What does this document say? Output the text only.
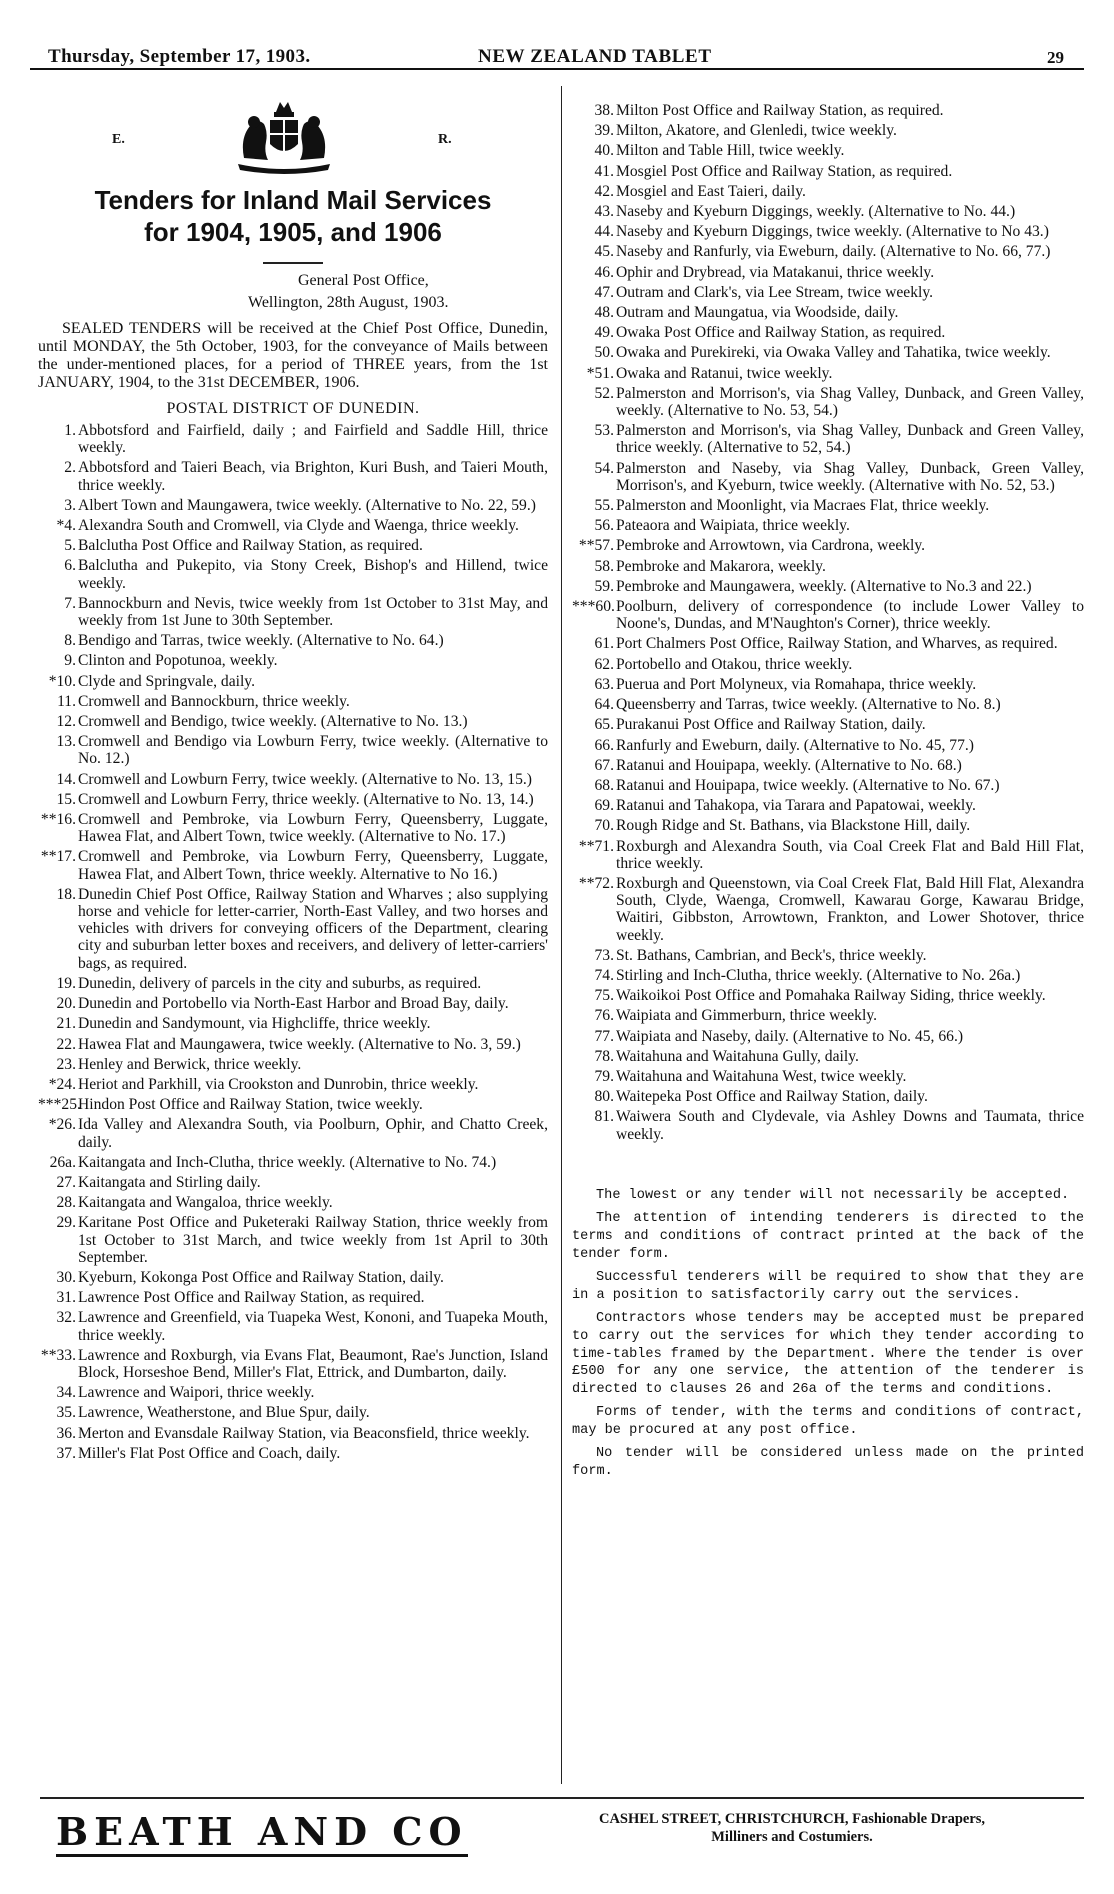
Thursday, September 17, 1903.	NEW ZEALAND TABLET	29
E.	R.
Tenders for Inland Mail Services
for 1904, 1905, and 1906
General Post Office,
Wellington, 28th August, 1903.

SEALED TENDERS will be received at the Chief Post Office, Dunedin, until MONDAY, the 5th October, 1903, for the conveyance of Mails between the under-mentioned places, for a period of THREE years, from the 1st JANUARY, 1904, to the 31st DECEMBER, 1906.

POSTAL DISTRICT OF DUNEDIN.
1. Abbotsford and Fairfield, daily ; and Fairfield and Saddle Hill, thrice weekly.
2. Abbotsford and Taieri Beach, via Brighton, Kuri Bush, and Taieri Mouth, thrice weekly.
3. Albert Town and Maungawera, twice weekly. (Alternative to No. 22, 59.)
*4. Alexandra South and Cromwell, via Clyde and Waenga, thrice weekly.
5. Balclutha Post Office and Railway Station, as required.
6. Balclutha and Pukepito, via Stony Creek, Bishop's and Hillend, twice weekly.
7. Bannockburn and Nevis, twice weekly from 1st October to 31st May, and weekly from 1st June to 30th September.
8. Bendigo and Tarras, twice weekly. (Alternative to No. 64.)
9. Clinton and Popotunoa, weekly.
*10. Clyde and Springvale, daily.
11. Cromwell and Bannockburn, thrice weekly.
12. Cromwell and Bendigo, twice weekly. (Alternative to No. 13.)
13. Cromwell and Bendigo via Lowburn Ferry, twice weekly. (Alternative to No. 12.)
14. Cromwell and Lowburn Ferry, twice weekly. (Alternative to No. 13, 15.)
15. Cromwell and Lowburn Ferry, thrice weekly. (Alternative to No. 13, 14.)
**16. Cromwell and Pembroke, via Lowburn Ferry, Queensberry, Luggate, Hawea Flat, and Albert Town, twice weekly. (Alternative to No. 17.)
**17. Cromwell and Pembroke, via Lowburn Ferry, Queensberry, Luggate, Hawea Flat, and Albert Town, thrice weekly. Alternative to No 16.)
18. Dunedin Chief Post Office, Railway Station and Wharves ; also supplying horse and vehicle for letter-carrier, North-East Valley, and two horses and vehicles with drivers for conveying officers of the Department, clearing city and suburban letter boxes and receivers, and delivery of letter-carriers' bags, as required.
19. Dunedin, delivery of parcels in the city and suburbs, as required.
20. Dunedin and Portobello via North-East Harbor and Broad Bay, daily.
21. Dunedin and Sandymount, via Highcliffe, thrice weekly.
22. Hawea Flat and Maungawera, twice weekly. (Alternative to No. 3, 59.)
23. Henley and Berwick, thrice weekly.
*24. Heriot and Parkhill, via Crookston and Dunrobin, thrice weekly.
***25.
Hindon Post Office and Railway Station, twice weekly.
*26. Ida Valley and Alexandra South, via Poolburn, Ophir, and Chatto Creek, daily.
26a. Kaitangata and Inch-Clutha, thrice weekly. (Alternative to No. 74.)
27. Kaitangata and Stirling daily.
28. Kaitangata and Wangaloa, thrice weekly.
29. Karitane Post Office and Puketeraki Railway Station, thrice weekly from 1st October to 31st March, and twice weekly from 1st April to 30th September.
30. Kyeburn, Kokonga Post Office and Railway Station, daily.
31. Lawrence Post Office and Railway Station, as required.
32. Lawrence and Greenfield, via Tuapeka West, Kononi, and Tuapeka Mouth, thrice weekly.
**33. Lawrence and Roxburgh, via Evans Flat, Beaumont, Rae's Junction, Island Block, Horseshoe Bend, Miller's Flat, Ettrick, and Dumbarton, daily.
34. Lawrence and Waipori, thrice weekly.
35. Lawrence, Weatherstone, and Blue Spur, daily.
36. Merton and Evansdale Railway Station, via Beaconsfield, thrice weekly.
37. Miller's Flat Post Office and Coach, daily.
38. Milton Post Office and Railway Station, as required.
39. Milton, Akatore, and Glenledi, twice weekly.
40. Milton and Table Hill, twice weekly.
41. Mosgiel Post Office and Railway Station, as required.
42. Mosgiel and East Taieri, daily.
43. Naseby and Kyeburn Diggings, weekly. (Alternative to No. 44.)
44. Naseby and Kyeburn Diggings, twice weekly. (Alternative to No 43.)
45. Naseby and Ranfurly, via Eweburn, daily. (Alternative to No. 66, 77.)
46. Ophir and Drybread, via Matakanui, thrice weekly.
47. Outram and Clark's, via Lee Stream, twice weekly.
48. Outram and Maungatua, via Woodside, daily.
49. Owaka Post Office and Railway Station, as required.
50. Owaka and Purekireki, via Owaka Valley and Tahatika, twice weekly.
*51. Owaka and Ratanui, twice weekly.
52. Palmerston and Morrison's, via Shag Valley, Dunback, and Green Valley, weekly. (Alternative to No. 53, 54.)
53. Palmerston and Morrison's, via Shag Valley, Dunback and Green Valley, thrice weekly. (Alternative to 52, 54.)
54. Palmerston and Naseby, via Shag Valley, Dunback, Green Valley, Morrison's, and Kyeburn, twice weekly. (Alternative with No. 52, 53.)
55. Palmerston and Moonlight, via Macraes Flat, thrice weekly.
56. Pateaora and Waipiata, thrice weekly.
**57. Pembroke and Arrowtown, via Cardrona, weekly.
58. Pembroke and Makarora, weekly.
59. Pembroke and Maungawera, weekly. (Alternative to No.3 and 22.)
***60. Poolburn, delivery of correspondence (to include Lower Valley to Noone's, Dundas, and M'Naughton's Corner), thrice weekly.
61. Port Chalmers Post Office, Railway Station, and Wharves, as required.
62. Portobello and Otakou, thrice weekly.
63. Puerua and Port Molyneux, via Romahapa, thrice weekly.
64. Queensberry and Tarras, twice weekly. (Alternative to No. 8.)
65. Purakanui Post Office and Railway Station, daily.
66. Ranfurly and Eweburn, daily. (Alternative to No. 45, 77.)
67. Ratanui and Houipapa, weekly. (Alternative to No. 68.)
68. Ratanui and Houipapa, twice weekly. (Alternative to No. 67.)
69. Ratanui and Tahakopa, via Tarara and Papatowai, weekly.
70. Rough Ridge and St. Bathans, via Blackstone Hill, daily.
**71. Roxburgh and Alexandra South, via Coal Creek Flat and Bald Hill Flat, thrice weekly.
**72. Roxburgh and Queenstown, via Coal Creek Flat, Bald Hill Flat, Alexandra South, Clyde, Waenga, Cromwell, Kawarau Gorge, Kawarau Bridge, Waitiri, Gibbston, Arrowtown, Frankton, and Lower Shotover, thrice weekly.
73. St. Bathans, Cambrian, and Beck's, thrice weekly.
74. Stirling and Inch-Clutha, thrice weekly. (Alternative to No. 26a.)
75. Waikoikoi Post Office and Pomahaka Railway Siding, thrice weekly.
76. Waipiata and Gimmerburn, thrice weekly.
77. Waipiata and Naseby, daily. (Alternative to No. 45, 66.)
78. Waitahuna and Waitahuna Gully, daily.
79. Waitahuna and Waitahuna West, twice weekly.
80. Waitepeka Post Office and Railway Station, daily.
81. Waiwera South and Clydevale, via Ashley Downs and Taumata, thrice weekly.

The lowest or any tender will not necessarily be accepted.

The attention of intending tenderers is directed to the terms and conditions of contract printed at the back of the tender form.

Successful tenderers will be required to show that they are in a position to satisfactorily carry out the services.

Contractors whose tenders may be accepted must be prepared to carry out the services for which they tender according to time-tables framed by the Department. Where the tender is over £500 for any one service, the attention of the tenderer is directed to clauses 26 and 26a of the terms and conditions.

Forms of tender, with the terms and conditions of contract, may be procured at any post office.

No tender will be considered unless made on the printed form.

BEATH AND CO	CASHEL STREET, CHRISTCHURCH, Fashionable Drapers,
Milliners and Costumiers.
